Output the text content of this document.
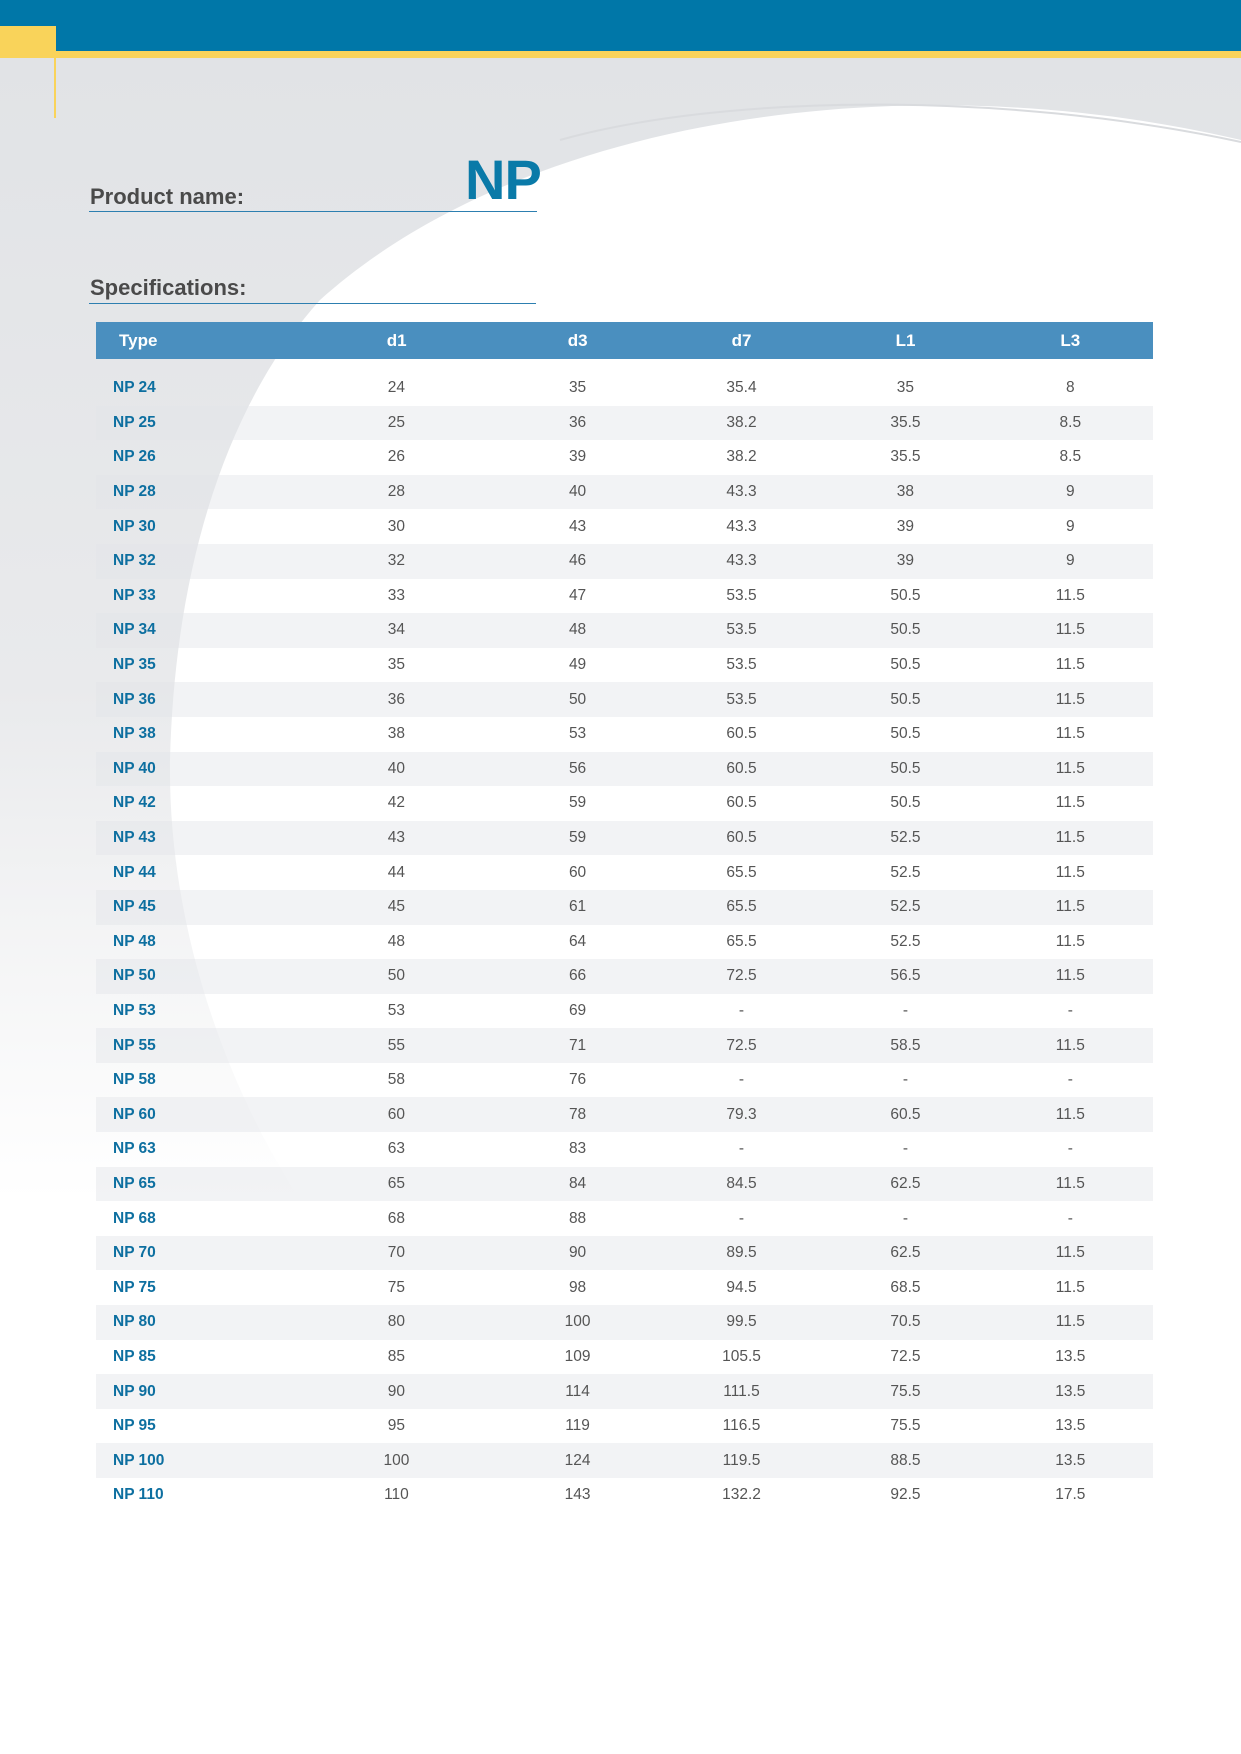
Product name:	NP
Specifications:
Type	d1	d3	d7	L1	L3
NP 24	24	35	35.4	35	8
NP 25	25	36	38.2	35.5	8.5
NP 26	26	39	38.2	35.5	8.5
NP 28	28	40	43.3	38	9
NP 30	30	43	43.3	39	9
NP 32	32	46	43.3	39	9
NP 33	33	47	53.5	50.5	11.5
NP 34	34	48	53.5	50.5	11.5
NP 35	35	49	53.5	50.5	11.5
NP 36	36	50	53.5	50.5	11.5
NP 38	38	53	60.5	50.5	11.5
NP 40	40	56	60.5	50.5	11.5
NP 42	42	59	60.5	50.5	11.5
NP 43	43	59	60.5	52.5	11.5
NP 44	44	60	65.5	52.5	11.5
NP 45	45	61	65.5	52.5	11.5
NP 48	48	64	65.5	52.5	11.5
NP 50	50	66	72.5	56.5	11.5
NP 53	53	69	-	-	-
NP 55	55	71	72.5	58.5	11.5
NP 58	58	76	-	-	-
NP 60	60	78	79.3	60.5	11.5
NP 63	63	83	-	-	-
NP 65	65	84	84.5	62.5	11.5
NP 68	68	88	-	-	-
NP 70	70	90	89.5	62.5	11.5
NP 75	75	98	94.5	68.5	11.5
NP 80	80	100	99.5	70.5	11.5
NP 85	85	109	105.5	72.5	13.5
NP 90	90	114	111.5	75.5	13.5
NP 95	95	119	116.5	75.5	13.5
NP 100	100	124	119.5	88.5	13.5
NP 110	110	143	132.2	92.5	17.5
